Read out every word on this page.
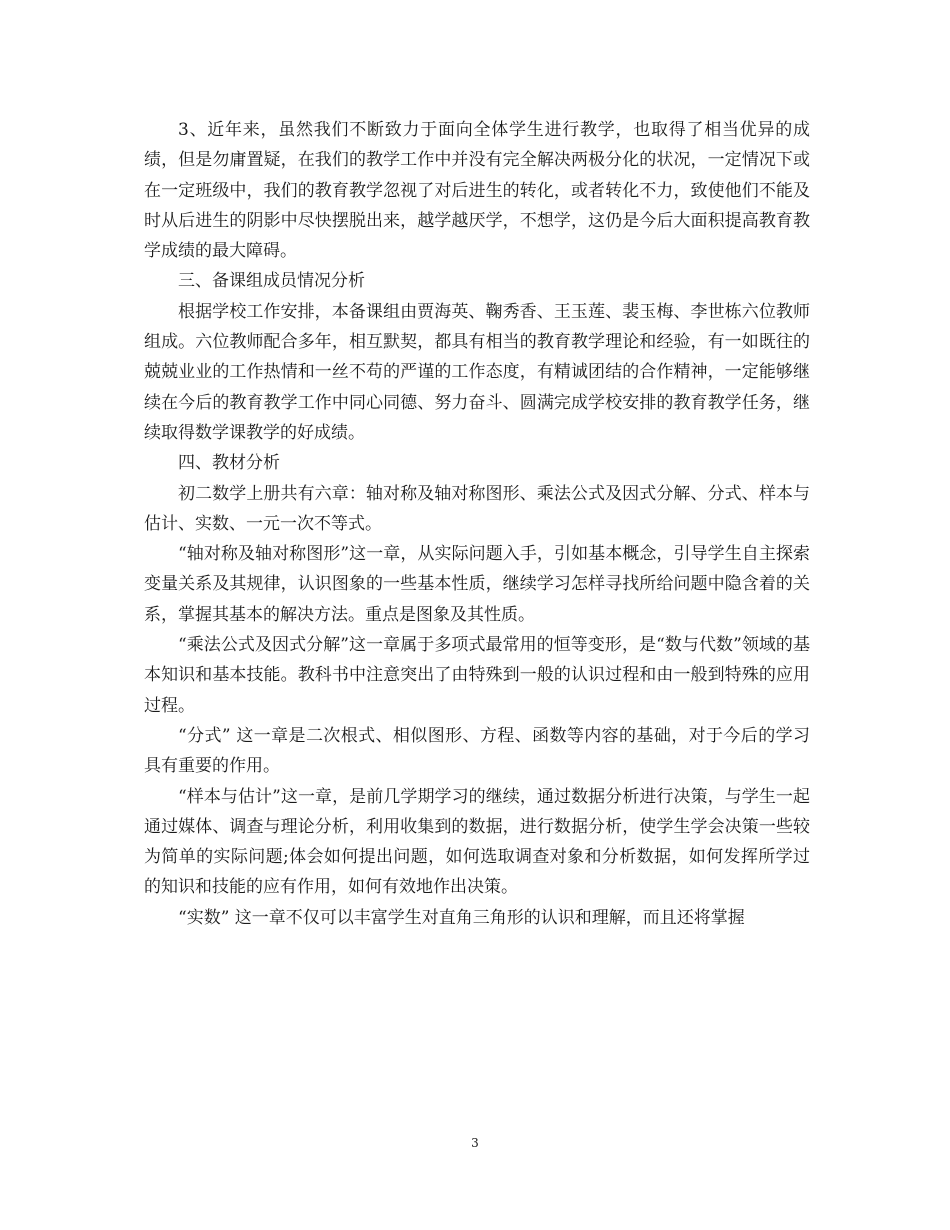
3、近年来，虽然我们不断致力于面向全体学生进行教学，也取得了相当优异的成绩，但是勿庸置疑，在我们的教学工作中并没有完全解决两极分化的状况，一定情况下或在一定班级中，我们的教育教学忽视了对后进生的转化，或者转化不力，致使他们不能及时从后进生的阴影中尽快摆脱出来，越学越厌学，不想学，这仍是今后大面积提高教育教学成绩的最大障碍。

三、备课组成员情况分析

根据学校工作安排，本备课组由贾海英、鞠秀香、王玉莲、裴玉梅、李世栋六位教师组成。六位教师配合多年，相互默契，都具有相当的教育教学理论和经验，有一如既往的兢兢业业的工作热情和一丝不苟的严谨的工作态度，有精诚团结的合作精神，一定能够继续在今后的教育教学工作中同心同德、努力奋斗、圆满完成学校安排的教育教学任务，继续取得数学课教学的好成绩。

四、教材分析

初二数学上册共有六章：轴对称及轴对称图形、乘法公式及因式分解、分式、样本与估计、实数、一元一次不等式。

“轴对称及轴对称图形”这一章，从实际问题入手，引如基本概念，引导学生自主探索变量关系及其规律，认识图象的一些基本性质，继续学习怎样寻找所给问题中隐含着的关系，掌握其基本的解决方法。重点是图象及其性质。

“乘法公式及因式分解”这一章属于多项式最常用的恒等变形，是“数与代数”领域的基本知识和基本技能。教科书中注意突出了由特殊到一般的认识过程和由一般到特殊的应用过程。

“分式” 这一章是二次根式、相似图形、方程、函数等内容的基础，对于今后的学习具有重要的作用。

“样本与估计”这一章，是前几学期学习的继续，通过数据分析进行决策，与学生一起通过媒体、调查与理论分析，利用收集到的数据，进行数据分析，使学生学会决策一些较为简单的实际问题;体会如何提出问题，如何选取调查对象和分析数据，如何发挥所学过的知识和技能的应有作用，如何有效地作出决策。

“实数” 这一章不仅可以丰富学生对直角三角形的认识和理解，而且还将掌握

3
